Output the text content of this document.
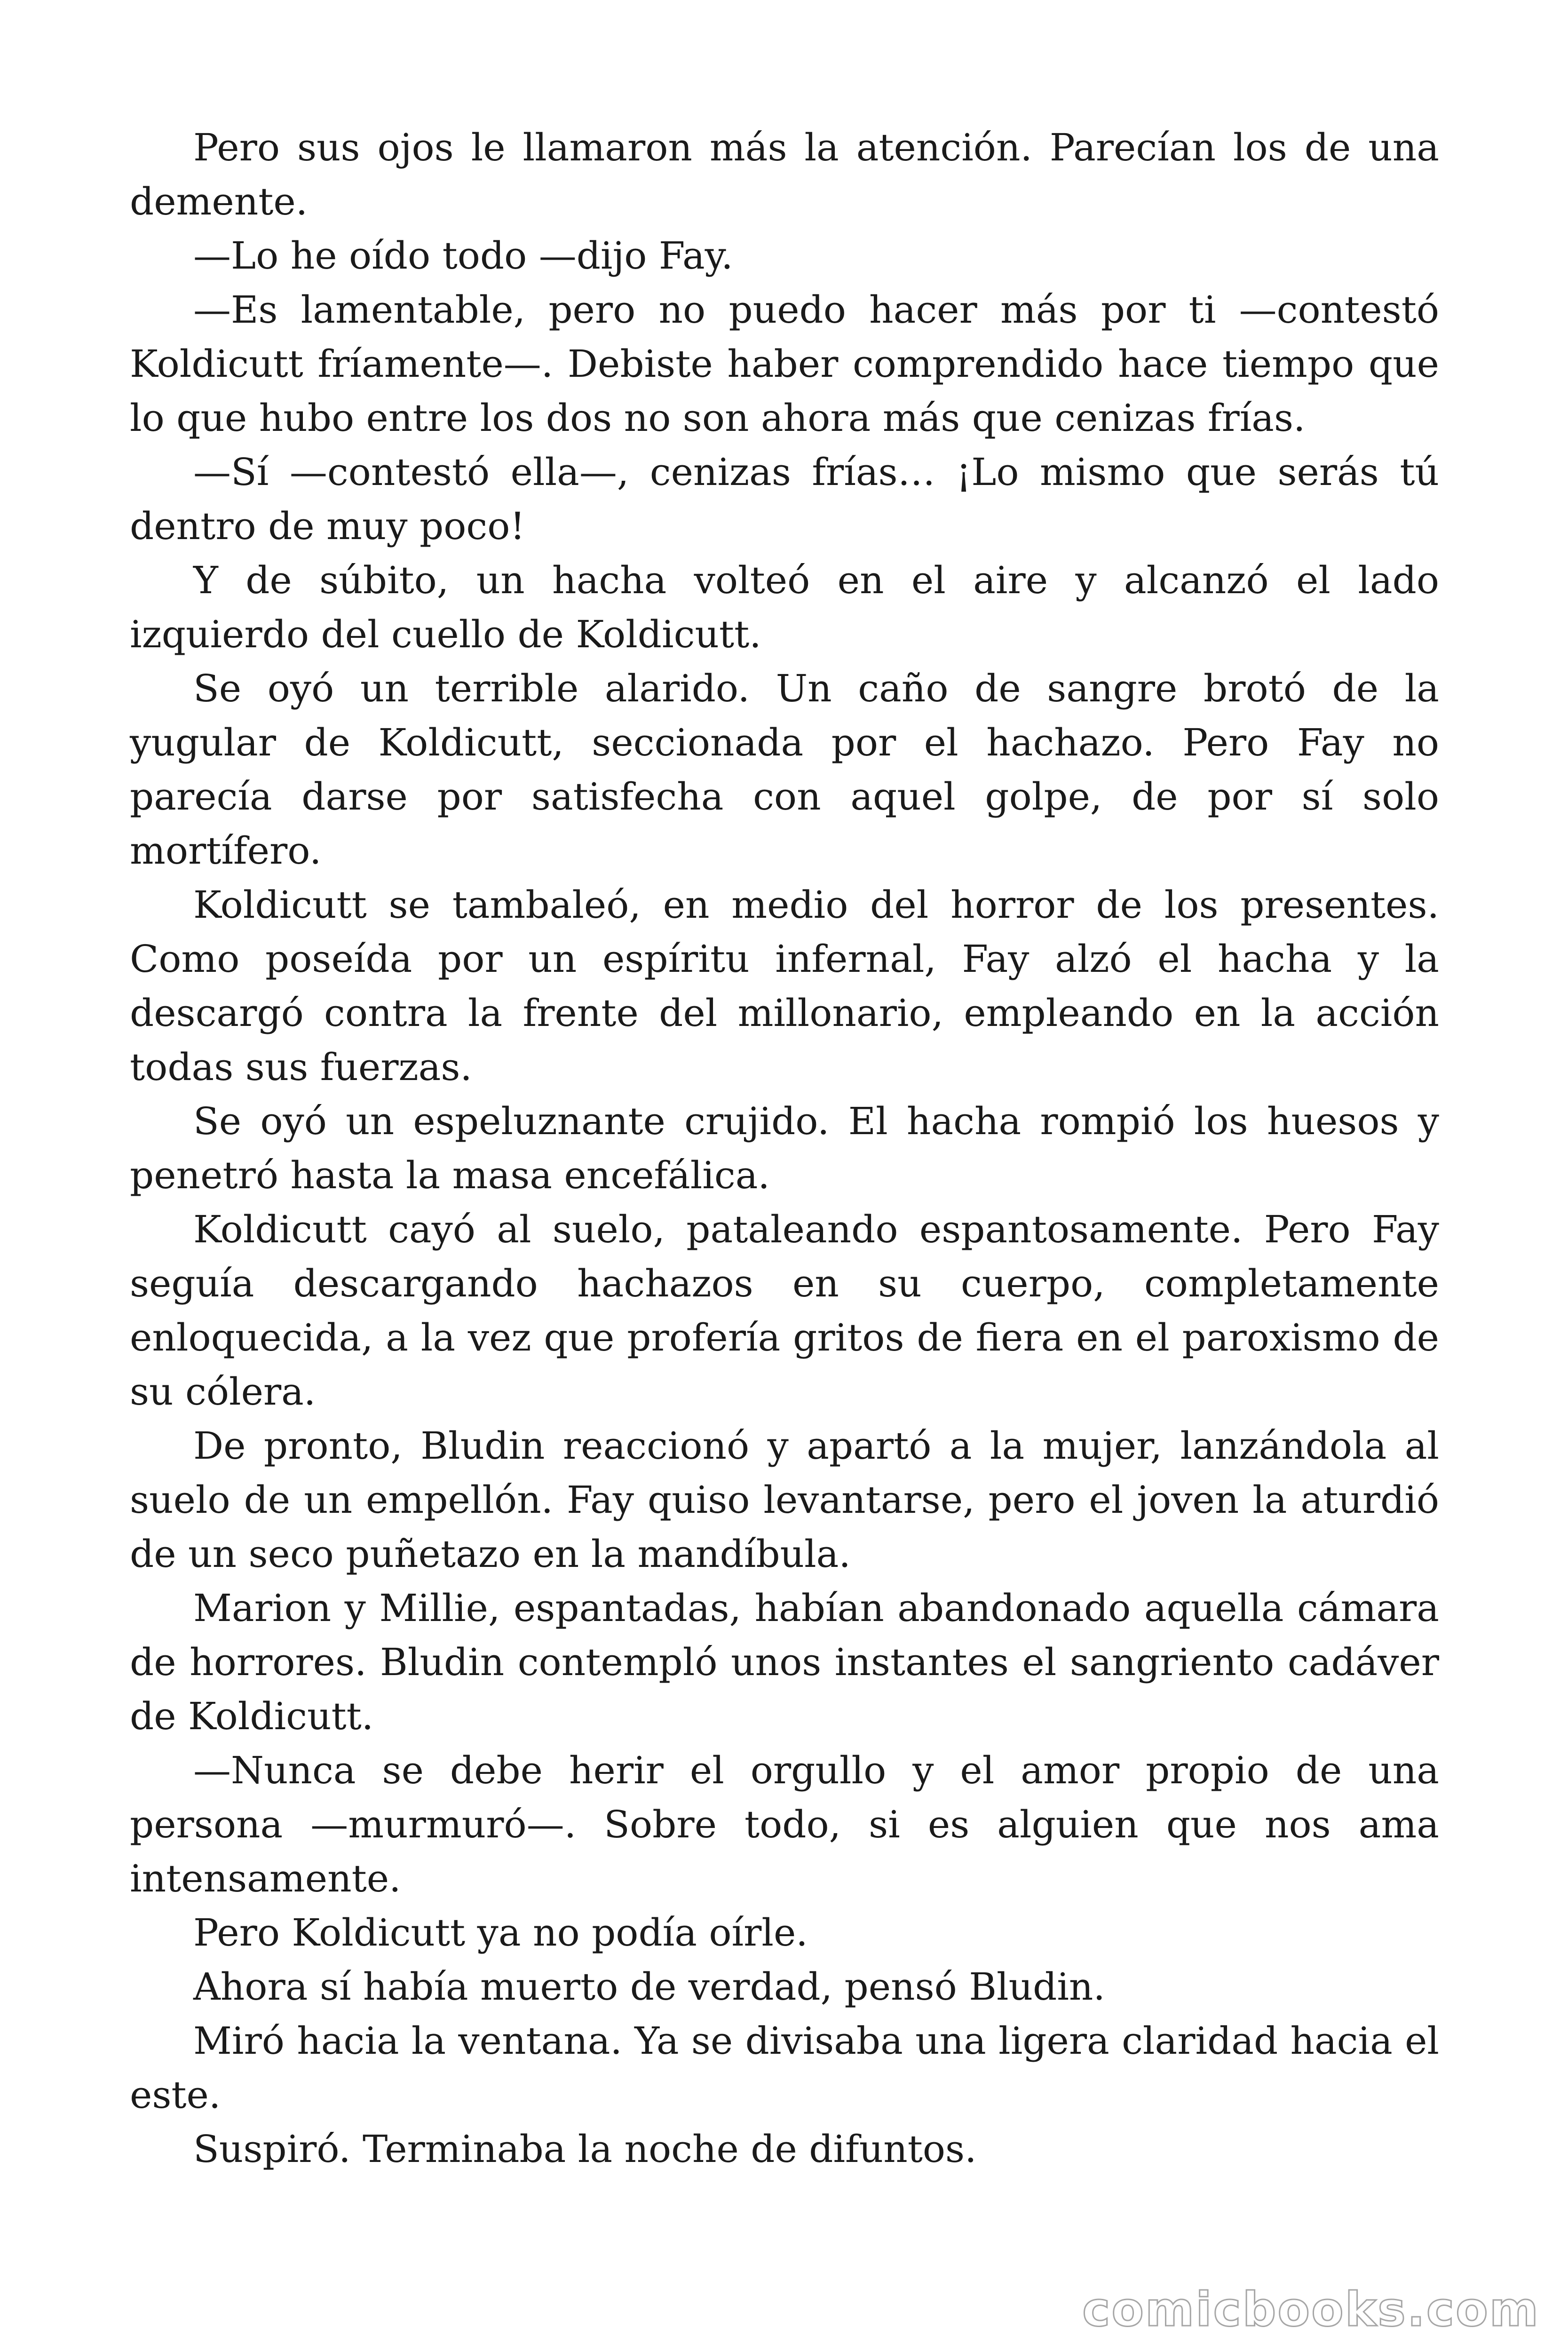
Pero sus ojos le llamaron más la atención. Parecían los de una demente.

—Lo he oído todo —dijo Fay.

—Es lamentable, pero no puedo hacer más por ti —contestó Koldicutt fríamente—. Debiste haber comprendido hace tiempo que lo que hubo entre los dos no son ahora más que cenizas frías.

—Sí —contestó ella—, cenizas frías… ¡Lo mismo que serás tú dentro de muy poco!

Y de súbito, un hacha volteó en el aire y alcanzó el lado izquierdo del cuello de Koldicutt.

Se oyó un terrible alarido. Un caño de sangre brotó de la yugular de Koldicutt, seccionada por el hachazo. Pero Fay no parecía darse por satisfecha con aquel golpe, de por sí solo mortífero.

Koldicutt se tambaleó, en medio del horror de los presentes. Como poseída por un espíritu infernal, Fay alzó el hacha y la descargó contra la frente del millonario, empleando en la acción todas sus fuerzas.

Se oyó un espeluznante crujido. El hacha rompió los huesos y penetró hasta la masa encefálica.

Koldicutt cayó al suelo, pataleando espantosamente. Pero Fay seguía descargando hachazos en su cuerpo, completamente enloquecida, a la vez que profería gritos de fiera en el paroxismo de su cólera.

De pronto, Bludin reaccionó y apartó a la mujer, lanzándola al suelo de un empellón. Fay quiso levantarse, pero el joven la aturdió de un seco puñetazo en la mandíbula.

Marion y Millie, espantadas, habían abandonado aquella cámara de horrores. Bludin contempló unos instantes el sangriento cadáver de Koldicutt.

—Nunca se debe herir el orgullo y el amor propio de una persona —murmuró—. Sobre todo, si es alguien que nos ama intensamente.

Pero Koldicutt ya no podía oírle.

Ahora sí había muerto de verdad, pensó Bludin.

Miró hacia la ventana. Ya se divisaba una ligera claridad hacia el este.

Suspiró. Terminaba la noche de difuntos.

comicbooks.com
